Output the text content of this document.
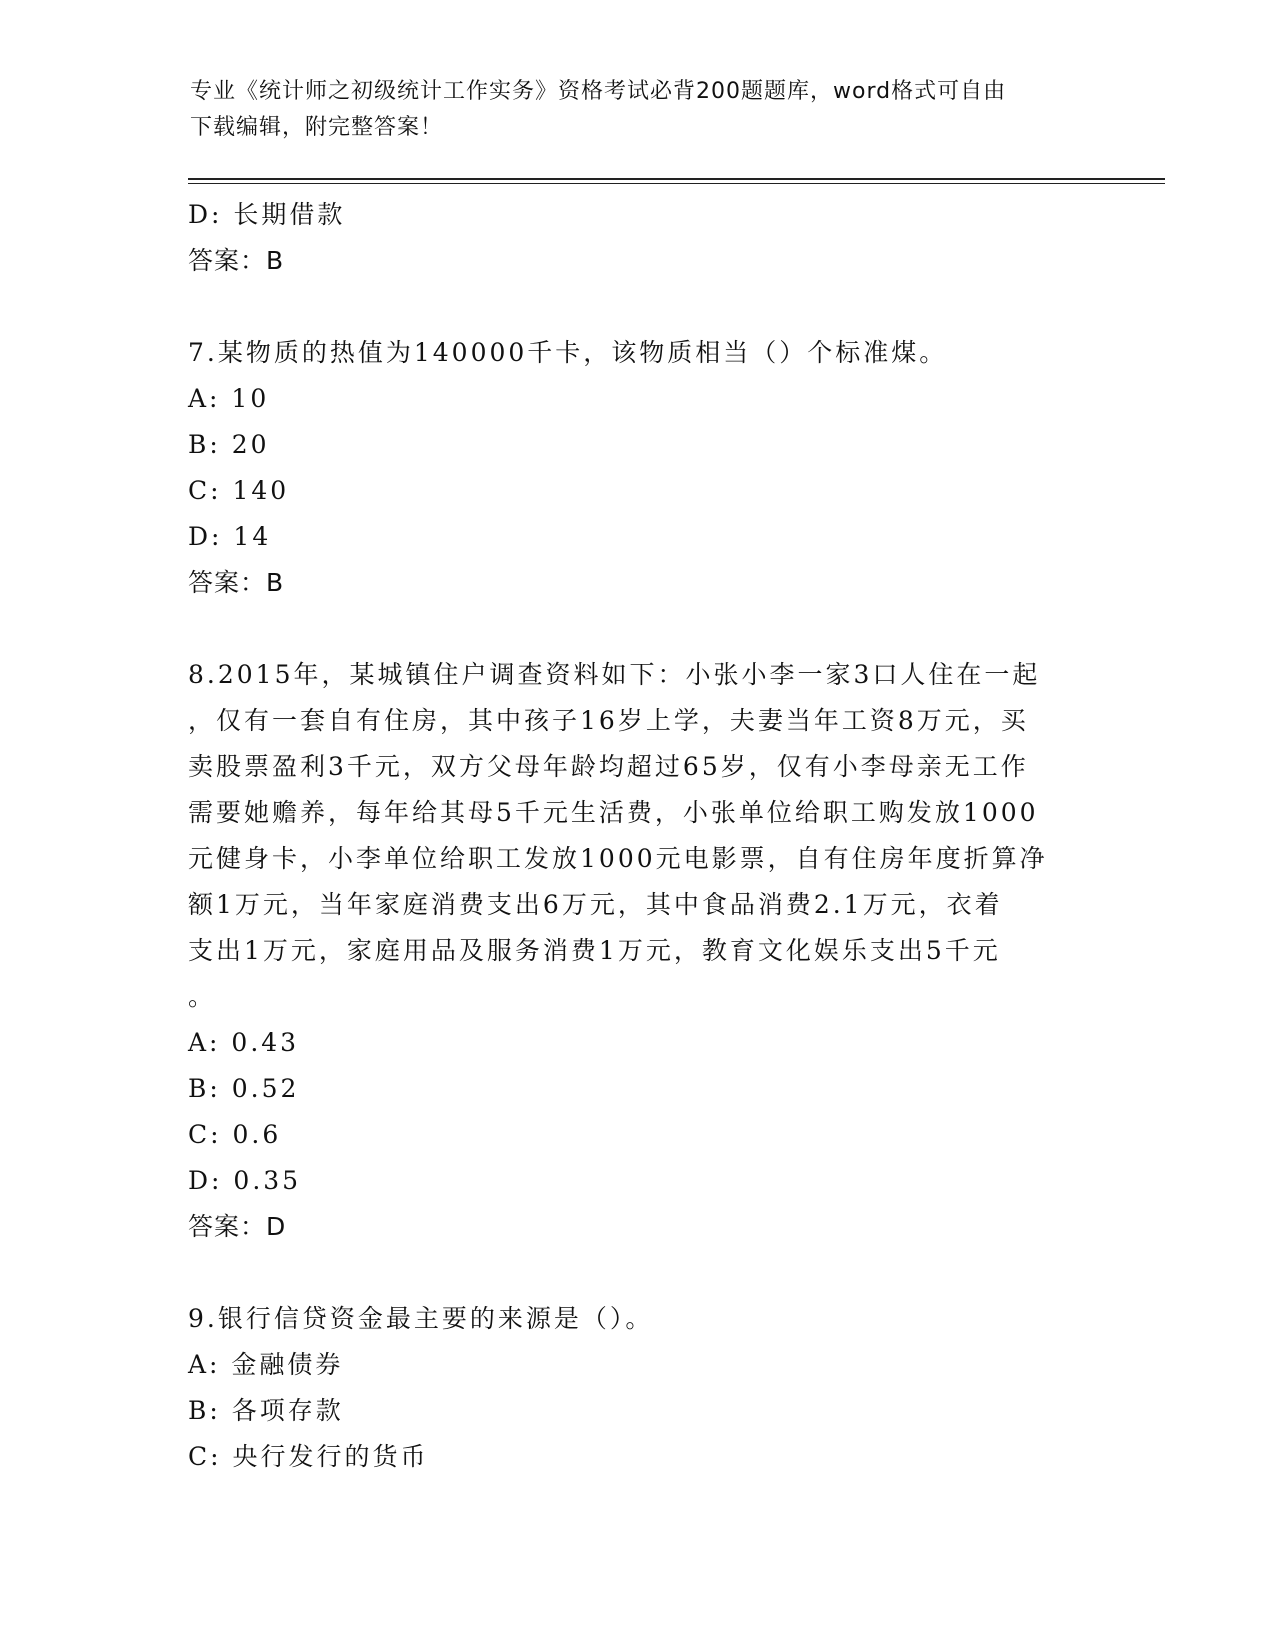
专业《统计师之初级统计工作实务》资格考试必背200题题库，word格式可自由
下载编辑，附完整答案！
D: 长期借款
答案：B
7.某物质的热值为140000千卡，该物质相当（）个标准煤。
A: 10
B: 20
C: 140
D: 14
答案：B
8.2015年，某城镇住户调查资料如下：小张小李一家3口人住在一起
，仅有一套自有住房，其中孩子16岁上学，夫妻当年工资8万元，买
卖股票盈利3千元，双方父母年龄均超过65岁，仅有小李母亲无工作
需要她赡养，每年给其母5千元生活费，小张单位给职工购发放1000
元健身卡，小李单位给职工发放1000元电影票，自有住房年度折算净
额1万元，当年家庭消费支出6万元，其中食品消费2.1万元，衣着
支出1万元，家庭用品及服务消费1万元，教育文化娱乐支出5千元
。
A: 0.43
B: 0.52
C: 0.6
D: 0.35
答案：D
9.银行信贷资金最主要的来源是（）。
A: 金融债券
B: 各项存款
C: 央行发行的货币
